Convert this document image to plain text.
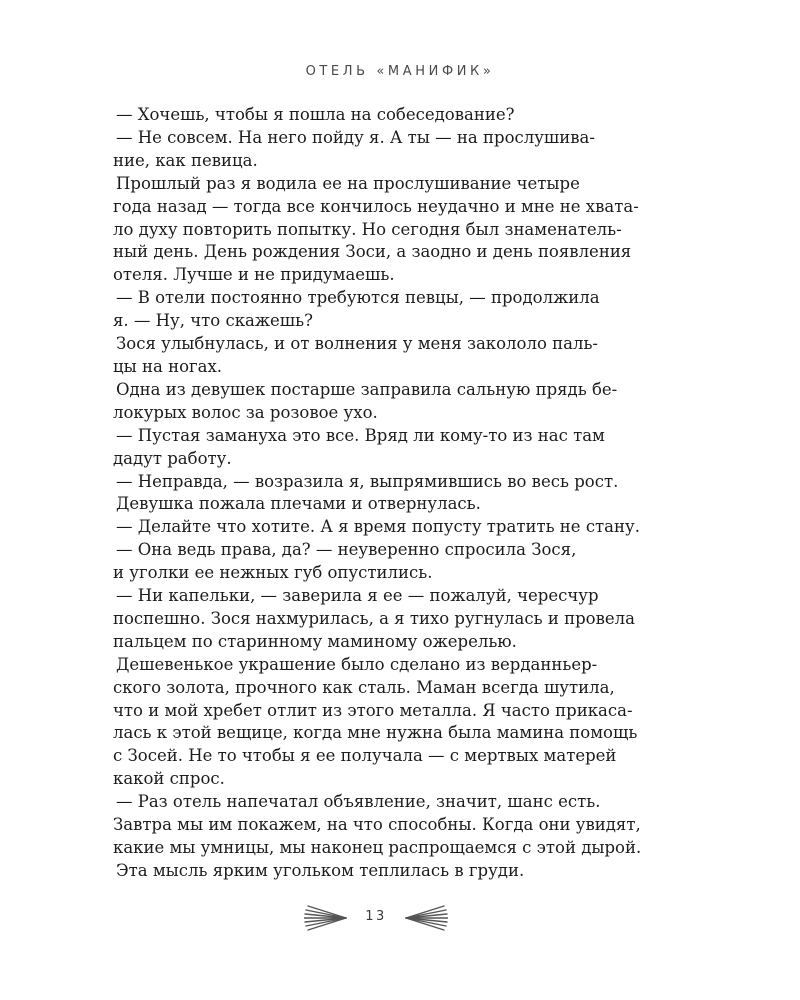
ОТЕЛЬ «МАНИФИК»

— Хочешь, чтобы я пошла на собеседование?

— Не совсем. На него пойду я. А ты — на прослушива-

ние, как певица.

Прошлый раз я водила ее на прослушивание четыре

года назад — тогда все кончилось неудачно и мне не хвата-

ло духу повторить попытку. Но сегодня был знаменатель-

ный день. День рождения Зоси, а заодно и день появления

отеля. Лучше и не придумаешь.

— В отели постоянно требуются певцы, — продолжила

я. — Ну, что скажешь?

Зося улыбнулась, и от волнения у меня закололо паль-

цы на ногах.

Одна из девушек постарше заправила сальную прядь бе-

локурых волос за розовое ухо.

— Пустая замануха это все. Вряд ли кому-то из нас там

дадут работу.

— Неправда, — возразила я, выпрямившись во весь рост.

Девушка пожала плечами и отвернулась.

— Делайте что хотите. А я время попусту тратить не стану.

— Она ведь права, да? — неуверенно спросила Зося,

и уголки ее нежных губ опустились.

— Ни капельки, — заверила я ее — пожалуй, чересчур

поспешно. Зося нахмурилась, а я тихо ругнулась и провела

пальцем по старинному маминому ожерелью.

Дешевенькое украшение было сделано из верданньер-

ского золота, прочного как сталь. Маман всегда шутила,

что и мой хребет отлит из этого металла. Я часто прикаса-

лась к этой вещице, когда мне нужна была мамина помощь

с Зосей. Не то чтобы я ее получала — с мертвых матерей

какой спрос.

— Раз отель напечатал объявление, значит, шанс есть.

Завтра мы им покажем, на что способны. Когда они увидят,

какие мы умницы, мы наконец распрощаемся с этой дырой.

Эта мысль ярким угольком теплилась в груди.

13
